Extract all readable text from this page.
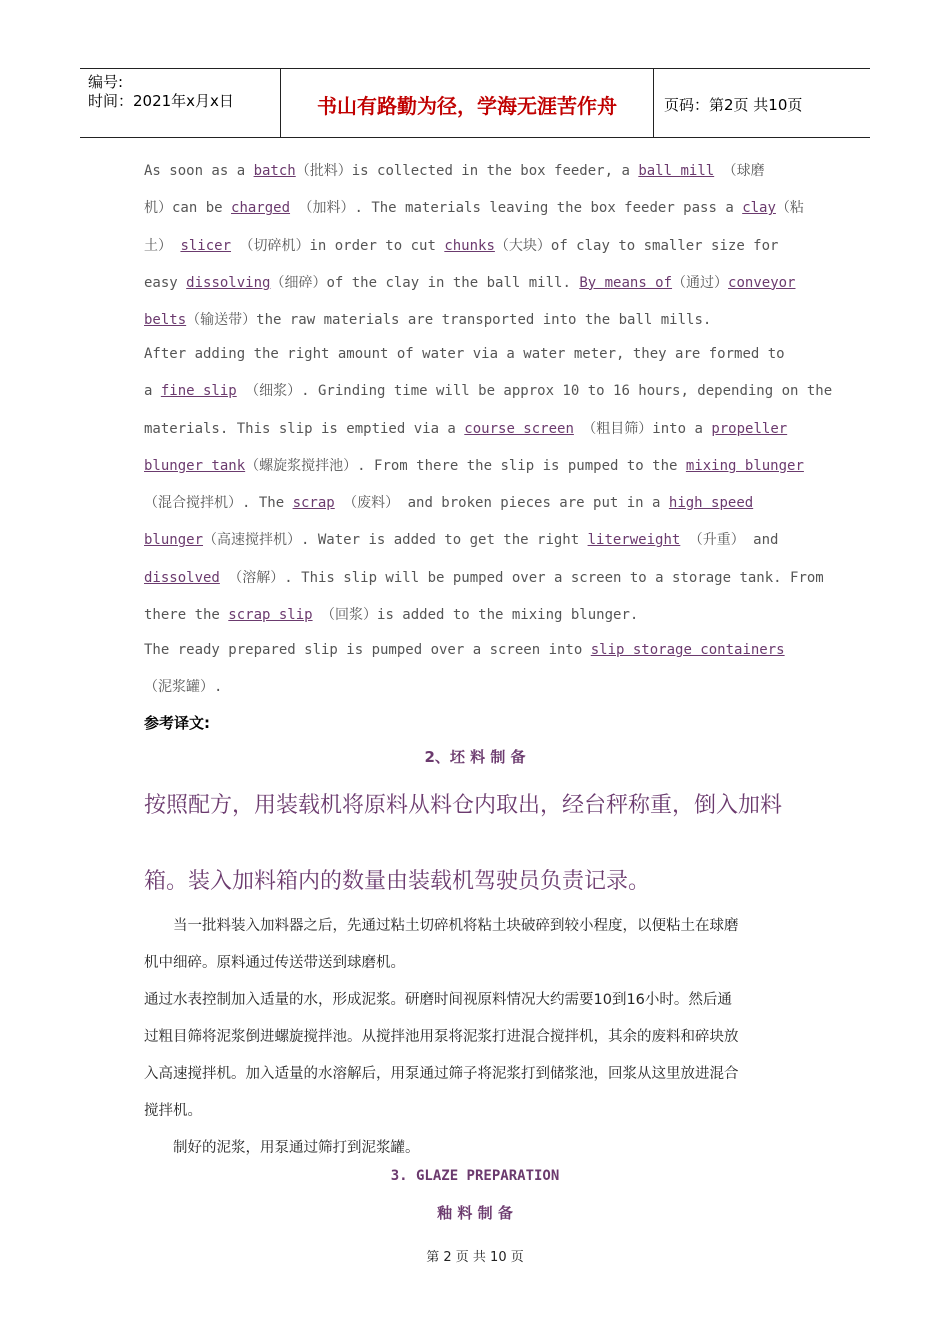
编号:
时间：2021年x月x日	书山有路勤为径，学海无涯苦作舟	页码：第2页 共10页
As soon as a batch（批料）is collected in the box feeder, a ball mill （球磨
机）can be charged （加料）. The materials leaving the box feeder pass a clay（粘
土） slicer （切碎机）in order to cut chunks（大块）of clay to smaller size for
easy dissolving（细碎）of the clay in the ball mill. By means of（通过）conveyor
belts（输送带）the raw materials are transported into the ball mills.
After adding the right amount of water via a water meter, they are formed to
a fine slip （细浆）. Grinding time will be approx 10 to 16 hours, depending on the
materials. This slip is emptied via a course screen （粗目筛）into a propeller
blunger tank（螺旋浆搅拌池）. From there the slip is pumped to the mixing blunger
（混合搅拌机）. The scrap （废料） and broken pieces are put in a high speed
blunger（高速搅拌机）. Water is added to get the right literweight （升重） and
dissolved （溶解）. This slip will be pumped over a screen to a storage tank. From
there the scrap slip （回浆）is added to the mixing blunger.
The ready prepared slip is pumped over a screen into slip storage containers
（泥浆罐）.
参考译文:
2、坯 料 制 备
按照配方，用装载机将原料从料仓内取出，经台秤称重，倒入加料
箱。装入加料箱内的数量由装载机驾驶员负责记录。
　　当一批料装入加料器之后，先通过粘土切碎机将粘土块破碎到较小程度，以便粘土在球磨
机中细碎。原料通过传送带送到球磨机。
通过水表控制加入适量的水，形成泥浆。研磨时间视原料情况大约需要10到16小时。然后通
过粗目筛将泥浆倒进螺旋搅拌池。从搅拌池用泵将泥浆打进混合搅拌机，其余的废料和碎块放
入高速搅拌机。加入适量的水溶解后，用泵通过筛子将泥浆打到储浆池，回浆从这里放进混合
搅拌机。
　　制好的泥浆，用泵通过筛打到泥浆罐。
3. GLAZE PREPARATION
釉 料 制 备
第 2 页 共 10 页
